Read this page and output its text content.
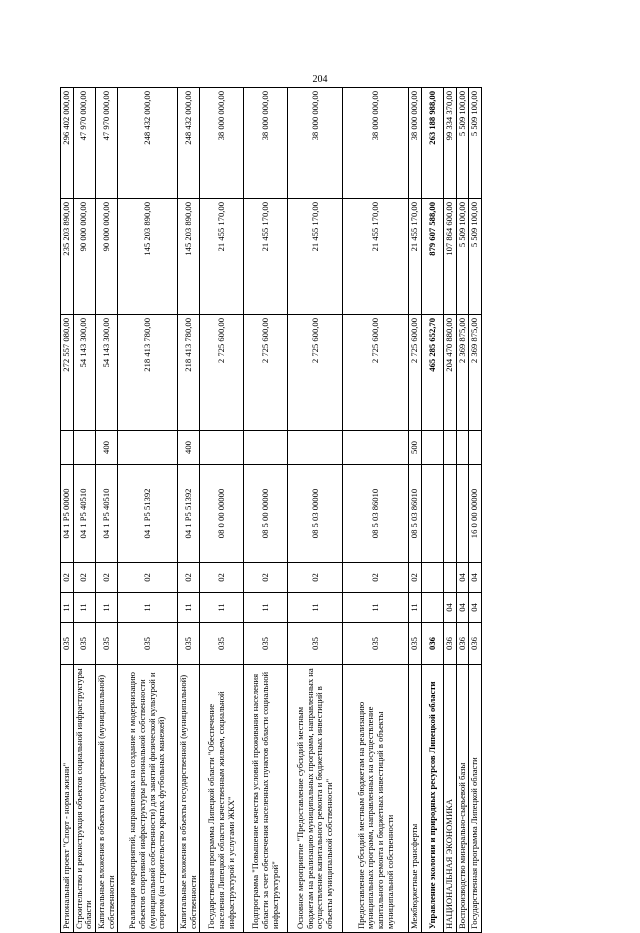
204
Региональный проект "Спорт - норма жизни"	035	11	02	04 1 P5 00000		272 557 080,00	235 203 890,00	296 402 000,00
Строительство и реконструкция объектов социальной инфраструктуры области	035	11	02	04 1 P5 40510		54 143 300,00	90 000 000,00	47 970 000,00
Капитальные вложения в объекты государственной (муниципальной) собственности	035	11	02	04 1 P5 40510	400	54 143 300,00	90 000 000,00	47 970 000,00
Реализация мероприятий, направленных на создание и модернизацию объектов спортивной инфраструктуры региональной собственности (муниципальной собственности) для занятий физической культурой и спортом (на строительство крытых футбольных манежей)	035	11	02	04 1 P5 51392		218 413 780,00	145 203 890,00	248 432 000,00
Капитальные вложения в объекты государственной (муниципальной) собственности	035	11	02	04 1 P5 51392	400	218 413 780,00	145 203 890,00	248 432 000,00
Государственная программа Липецкой области "Обеспечение населения Липецкой области качественным жильем, социальной инфраструктурой и услугами ЖКХ"	035	11	02	08 0 00 00000		2 725 600,00	21 455 170,00	38 000 000,00
Подпрограмма "Повышение качества условий проживания населения области за счет обеспечения населенных пунктов области социальной инфраструктурой"	035	11	02	08 5 00 00000		2 725 600,00	21 455 170,00	38 000 000,00
Основное мероприятие "Предоставление субсидий местным бюджетам на реализацию муниципальных программ, направленных на осуществление капитального ремонта и бюджетных инвестиций в объекты муниципальной собственности"	035	11	02	08 5 03 00000		2 725 600,00	21 455 170,00	38 000 000,00
Предоставление субсидий местным бюджетам на реализацию муниципальных программ, направленных на осуществление капитального ремонта и бюджетных инвестиций в объекты муниципальной собственности	035	11	02	08 5 03 86010		2 725 600,00	21 455 170,00	38 000 000,00
Межбюджетные трансферты	035	11	02	08 5 03 86010	500	2 725 600,00	21 455 170,00	38 000 000,00
Управление экологии и природных ресурсов Липецкой области	036					465 285 652,70	879 607 588,00	263 188 988,00
НАЦИОНАЛЬНАЯ ЭКОНОМИКА	036	04				204 470 880,00	107 864 600,00	99 334 370,00
Воспроизводство минерально-сырьевой базы	036	04	04			2 369 875,00	5 509 100,00	5 509 100,00
Государственная программа Липецкой области	036	04	04	16 0 00 00000		2 369 875,00	5 509 100,00	5 509 100,00
